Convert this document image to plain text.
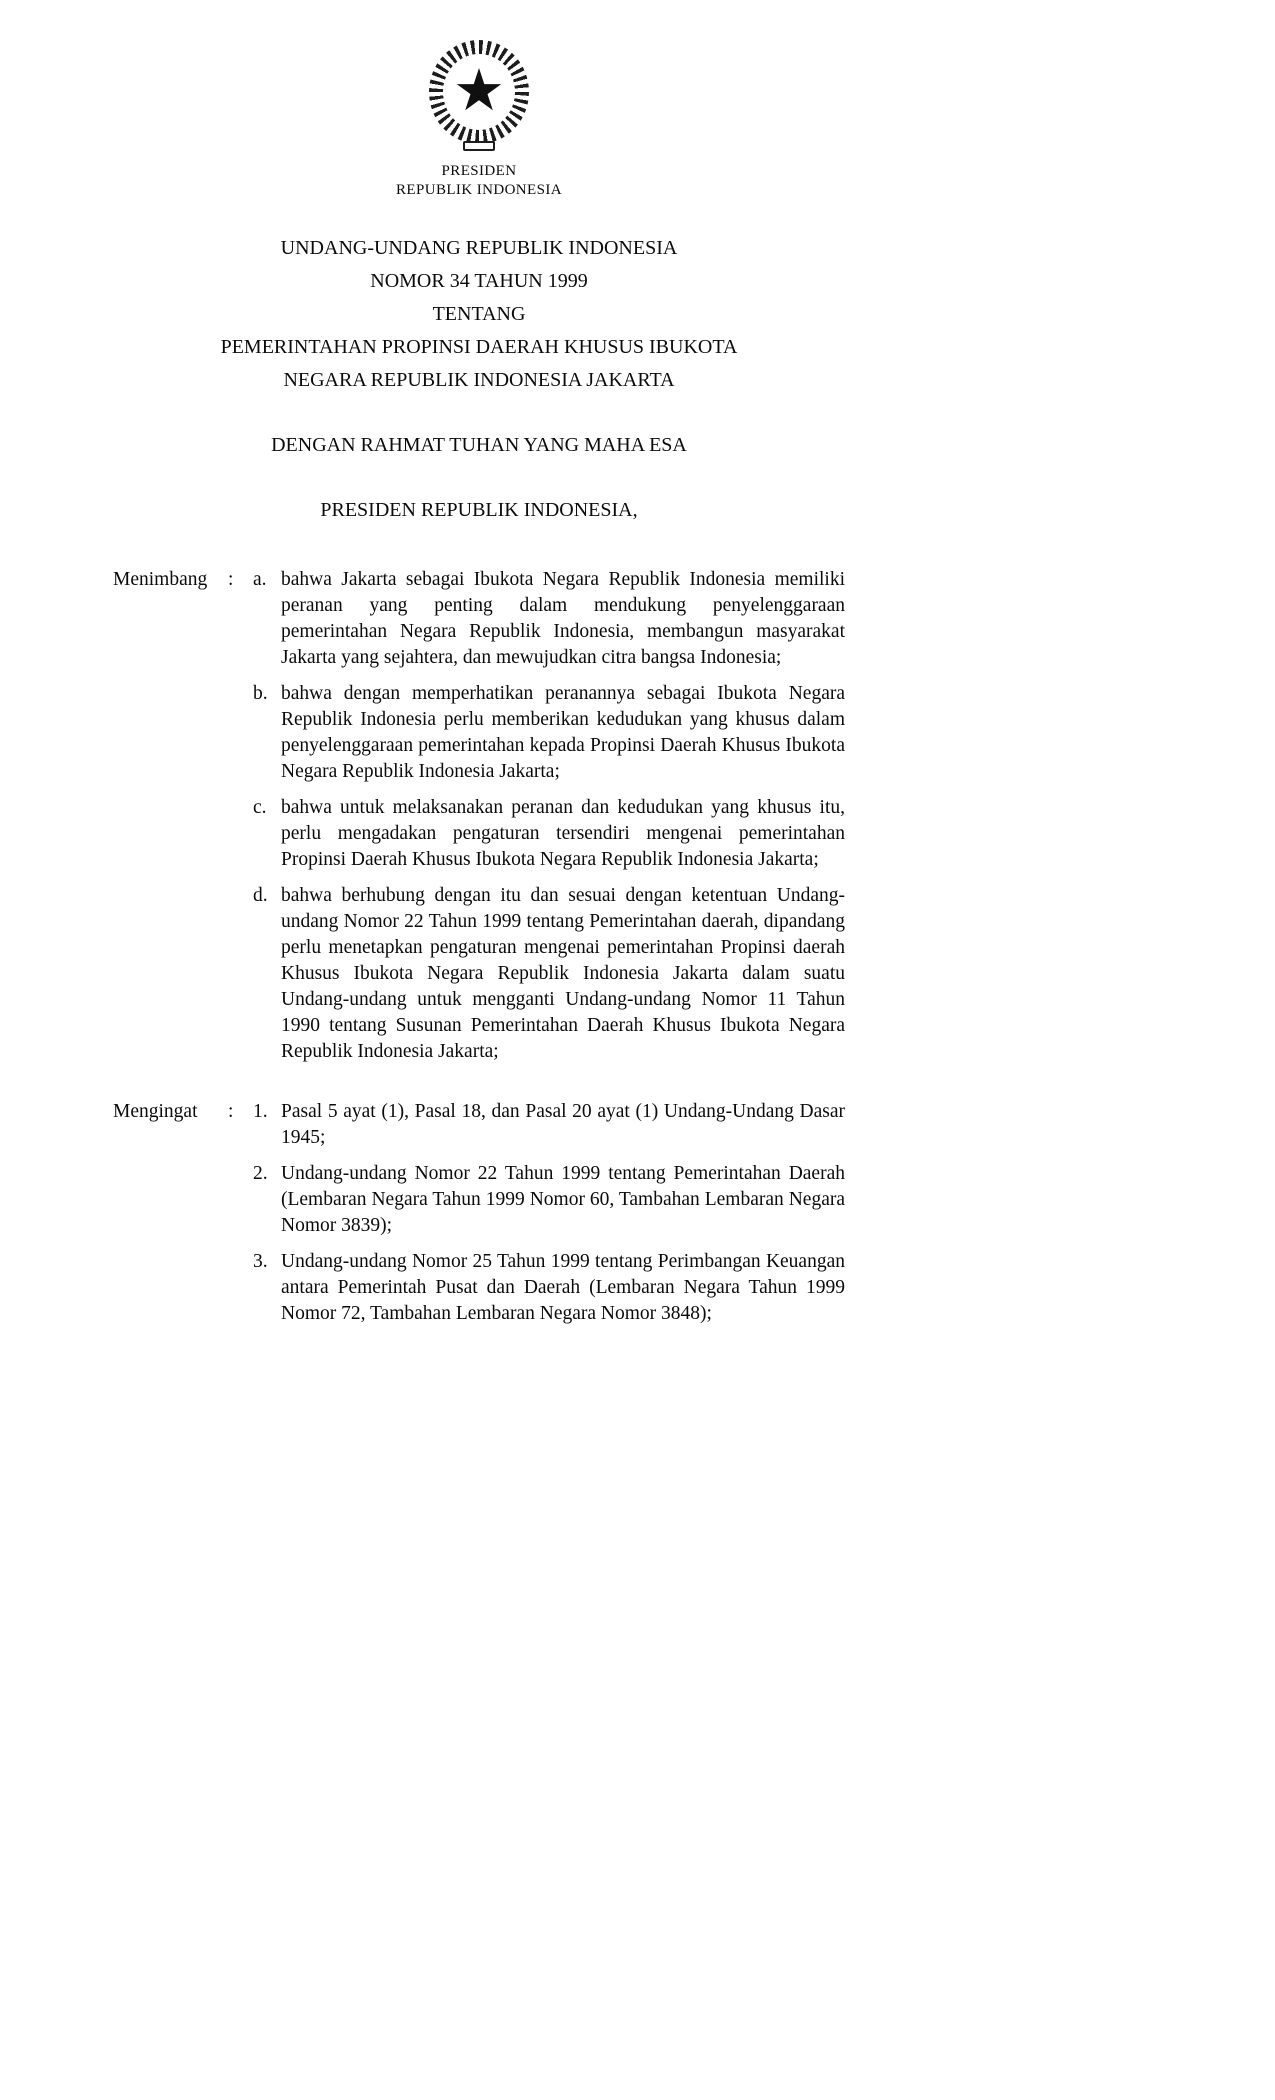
★
PRESIDEN
REPUBLIK INDONESIA
UNDANG-UNDANG REPUBLIK INDONESIA
NOMOR 34 TAHUN 1999
TENTANG
PEMERINTAHAN PROPINSI DAERAH KHUSUS IBUKOTA
NEGARA REPUBLIK INDONESIA JAKARTA
DENGAN RAHMAT TUHAN YANG MAHA ESA
PRESIDEN REPUBLIK INDONESIA,
Menimbang	:	a. bahwa Jakarta sebagai Ibukota Negara Republik Indonesia memiliki peranan yang penting dalam mendukung penyelenggaraan pemerintahan Negara Republik Indonesia, membangun masyarakat Jakarta yang sejahtera, dan mewujudkan citra bangsa Indonesia;
b. bahwa dengan memperhatikan peranannya sebagai Ibukota Negara Republik Indonesia perlu memberikan kedudukan yang khusus dalam penyelenggaraan pemerintahan kepada Propinsi Daerah Khusus Ibukota Negara Republik Indonesia Jakarta;
c. bahwa untuk melaksanakan peranan dan kedudukan yang khusus itu, perlu mengadakan pengaturan tersendiri mengenai pemerintahan Propinsi Daerah Khusus Ibukota Negara Republik Indonesia Jakarta;
d. bahwa berhubung dengan itu dan sesuai dengan ketentuan Undang-undang Nomor 22 Tahun 1999 tentang Pemerintahan daerah, dipandang perlu menetapkan pengaturan mengenai pemerintahan Propinsi daerah Khusus Ibukota Negara Republik Indonesia Jakarta dalam suatu Undang-undang untuk mengganti Undang-undang Nomor 11 Tahun 1990 tentang Susunan Pemerintahan Daerah Khusus Ibukota Negara Republik Indonesia Jakarta;
Mengingat	:	1. Pasal 5 ayat (1), Pasal 18, dan Pasal 20 ayat (1) Undang-Undang Dasar 1945;
2. Undang-undang Nomor 22 Tahun 1999 tentang Pemerintahan Daerah (Lembaran Negara Tahun 1999 Nomor 60, Tambahan Lembaran Negara Nomor 3839);
3. Undang-undang Nomor 25 Tahun 1999 tentang Perimbangan Keuangan antara Pemerintah Pusat dan Daerah (Lembaran Negara Tahun 1999 Nomor 72, Tambahan Lembaran Negara Nomor 3848);
